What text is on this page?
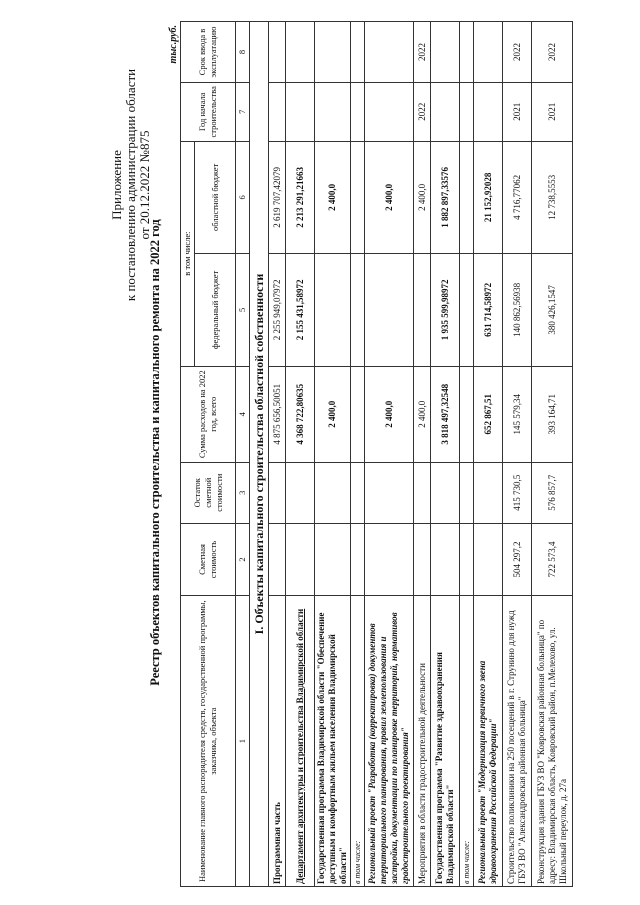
Приложение к постановлению администрации области от 20.12.2022 №875
Реестр объектов капитального строительства и капитального ремонта на 2022 год
тыс.руб.
Наименование главного распорядителя средств, государственной программы, заказчика, объекта	Сметная стоимость	Остаток сметной стоимости	Сумма расходов на 2022 год, всего	в том числе:		Год начала строительства	Срок ввода в эксплуатацию
				федеральный бюджет	областной бюджет		
1	2	3	4	5	6	7	8
I. Объекты капитального строительства областной собственности							
Программная часть			4 875 656,50051	2 255 949,07972	2 619 707,42079		
Департамент архитектуры и строительства Владимирской области			4 368 722,80635	2 155 431,58972	2 213 291,21663		
Государственная программа Владимирской области "Обеспечение доступным и комфортным жильем населения Владимирской области"			2 400,0		2 400,0		
в том числе:							
Региональный проект "Разработка (корректировка) документов территориального планирования, правил землепользования и застройки, документации по планировке территорий, нормативов градостроительного проектирования"			2 400,0		2 400,0		
Мероприятия в области градостроительной деятельности			2 400,0		2 400,0	2022	2022
Государственная программа "Развитие здравоохранения Владимирской области"			3 818 497,32548	1 935 599,98972	1 882 897,33576		
в том числе:							
Региональный проект "Модернизация первичного звена здравоохранения Российской Федерации"			652 867,51	631 714,58972	21 152,92028		
Строительство поликлиники на 250 посещений в г. Струнино для нужд ГБУЗ ВО "Александровская районная больница"	504 297,2	415 730,5	145 579,34	140 862,56938	4 716,77062	2021	2022
Реконструкция здания ГБУЗ ВО "Ковровская районная больница" по адресу: Владимирская область, Ковровский район, п.Мелехово, ул. Школьный переулок, д. 27а	722 573,4	576 857,7	393 164,71	380 426,1547	12 738,5553	2021	2022
